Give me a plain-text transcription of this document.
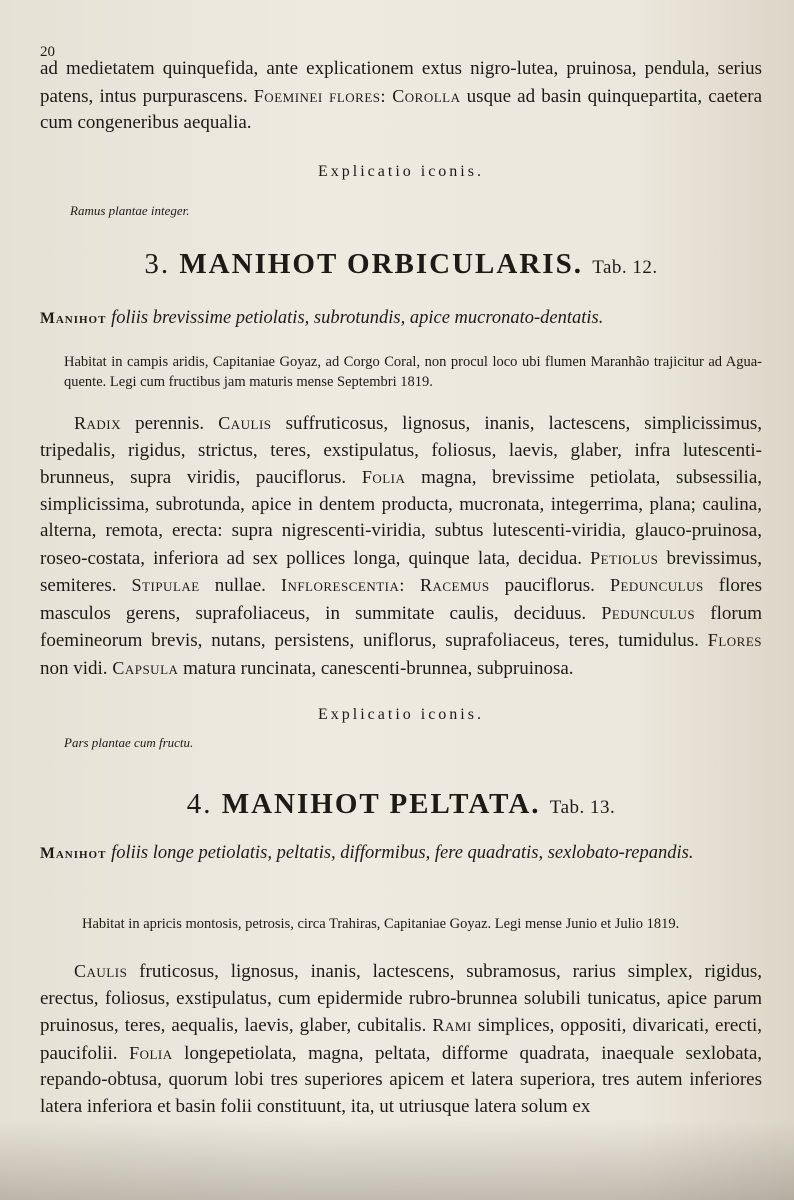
20
ad medietatem quinquefida, ante explicationem extus nigro-lutea, pruinosa, pendula, serius patens, intus purpurascens. Foeminei flores: Corolla usque ad basin quinquepartita, caetera cum congeneribus aequalia.
Explicatio iconis.
Ramus plantae integer.
3. MANIHOT ORBICULARIS. Tab. 12.
Manihot foliis brevissime petiolatis, subrotundis, apice mucronato-dentatis.
Habitat in campis aridis, Capitaniae Goyaz, ad Corgo Coral, non procul loco ubi flumen Maranhão trajicitur ad Agua-quente. Legi cum fructibus jam maturis mense Septembri 1819.
Radix perennis. Caulis suffruticosus, lignosus, inanis, lactescens, simplicissimus, tripedalis, rigidus, strictus, teres, exstipulatus, foliosus, laevis, glaber, infra lutescenti-brunneus, supra viridis, pauciflorus. Folia magna, brevissime petiolata, subsessilia, simplicissima, subrotunda, apice in dentem producta, mucronata, integerrima, plana; caulina, alterna, remota, erecta: supra nigrescenti-viridia, subtus lutescenti-viridia, glauco-pruinosa, roseo-costata, inferiora ad sex pollices longa, quinque lata, decidua. Petiolus brevissimus, semiteres. Stipulae nullae. Inflorescentia: Racemus pauciflorus. Pedunculus flores masculos gerens, suprafoliaceus, in summitate caulis, deciduus. Pedunculus florum foemineorum brevis, nutans, persistens, uniflorus, suprafoliaceus, teres, tumidulus. Flores non vidi. Capsula matura runcinata, canescenti-brunnea, subpruinosa.
Explicatio iconis.
Pars plantae cum fructu.
4. MANIHOT PELTATA. Tab. 13.
Manihot foliis longe petiolatis, peltatis, difformibus, fere quadratis, sexlobato-repandis.
Habitat in apricis montosis, petrosis, circa Trahiras, Capitaniae Goyaz. Legi mense Junio et Julio 1819.
Caulis fruticosus, lignosus, inanis, lactescens, subramosus, rarius simplex, rigidus, erectus, foliosus, exstipulatus, cum epidermide rubro-brunnea solubili tunicatus, apice parum pruinosus, teres, aequalis, laevis, glaber, cubitalis. Rami simplices, oppositi, divaricati, erecti, paucifolii. Folia longepetiolata, magna, peltata, difforme quadrata, inaequale sexlobata, repando-obtusa, quorum lobi tres superiores apicem et latera superiora, tres autem inferiores latera inferiora et basin folii constituunt, ita, ut utriusque latera solum ex
